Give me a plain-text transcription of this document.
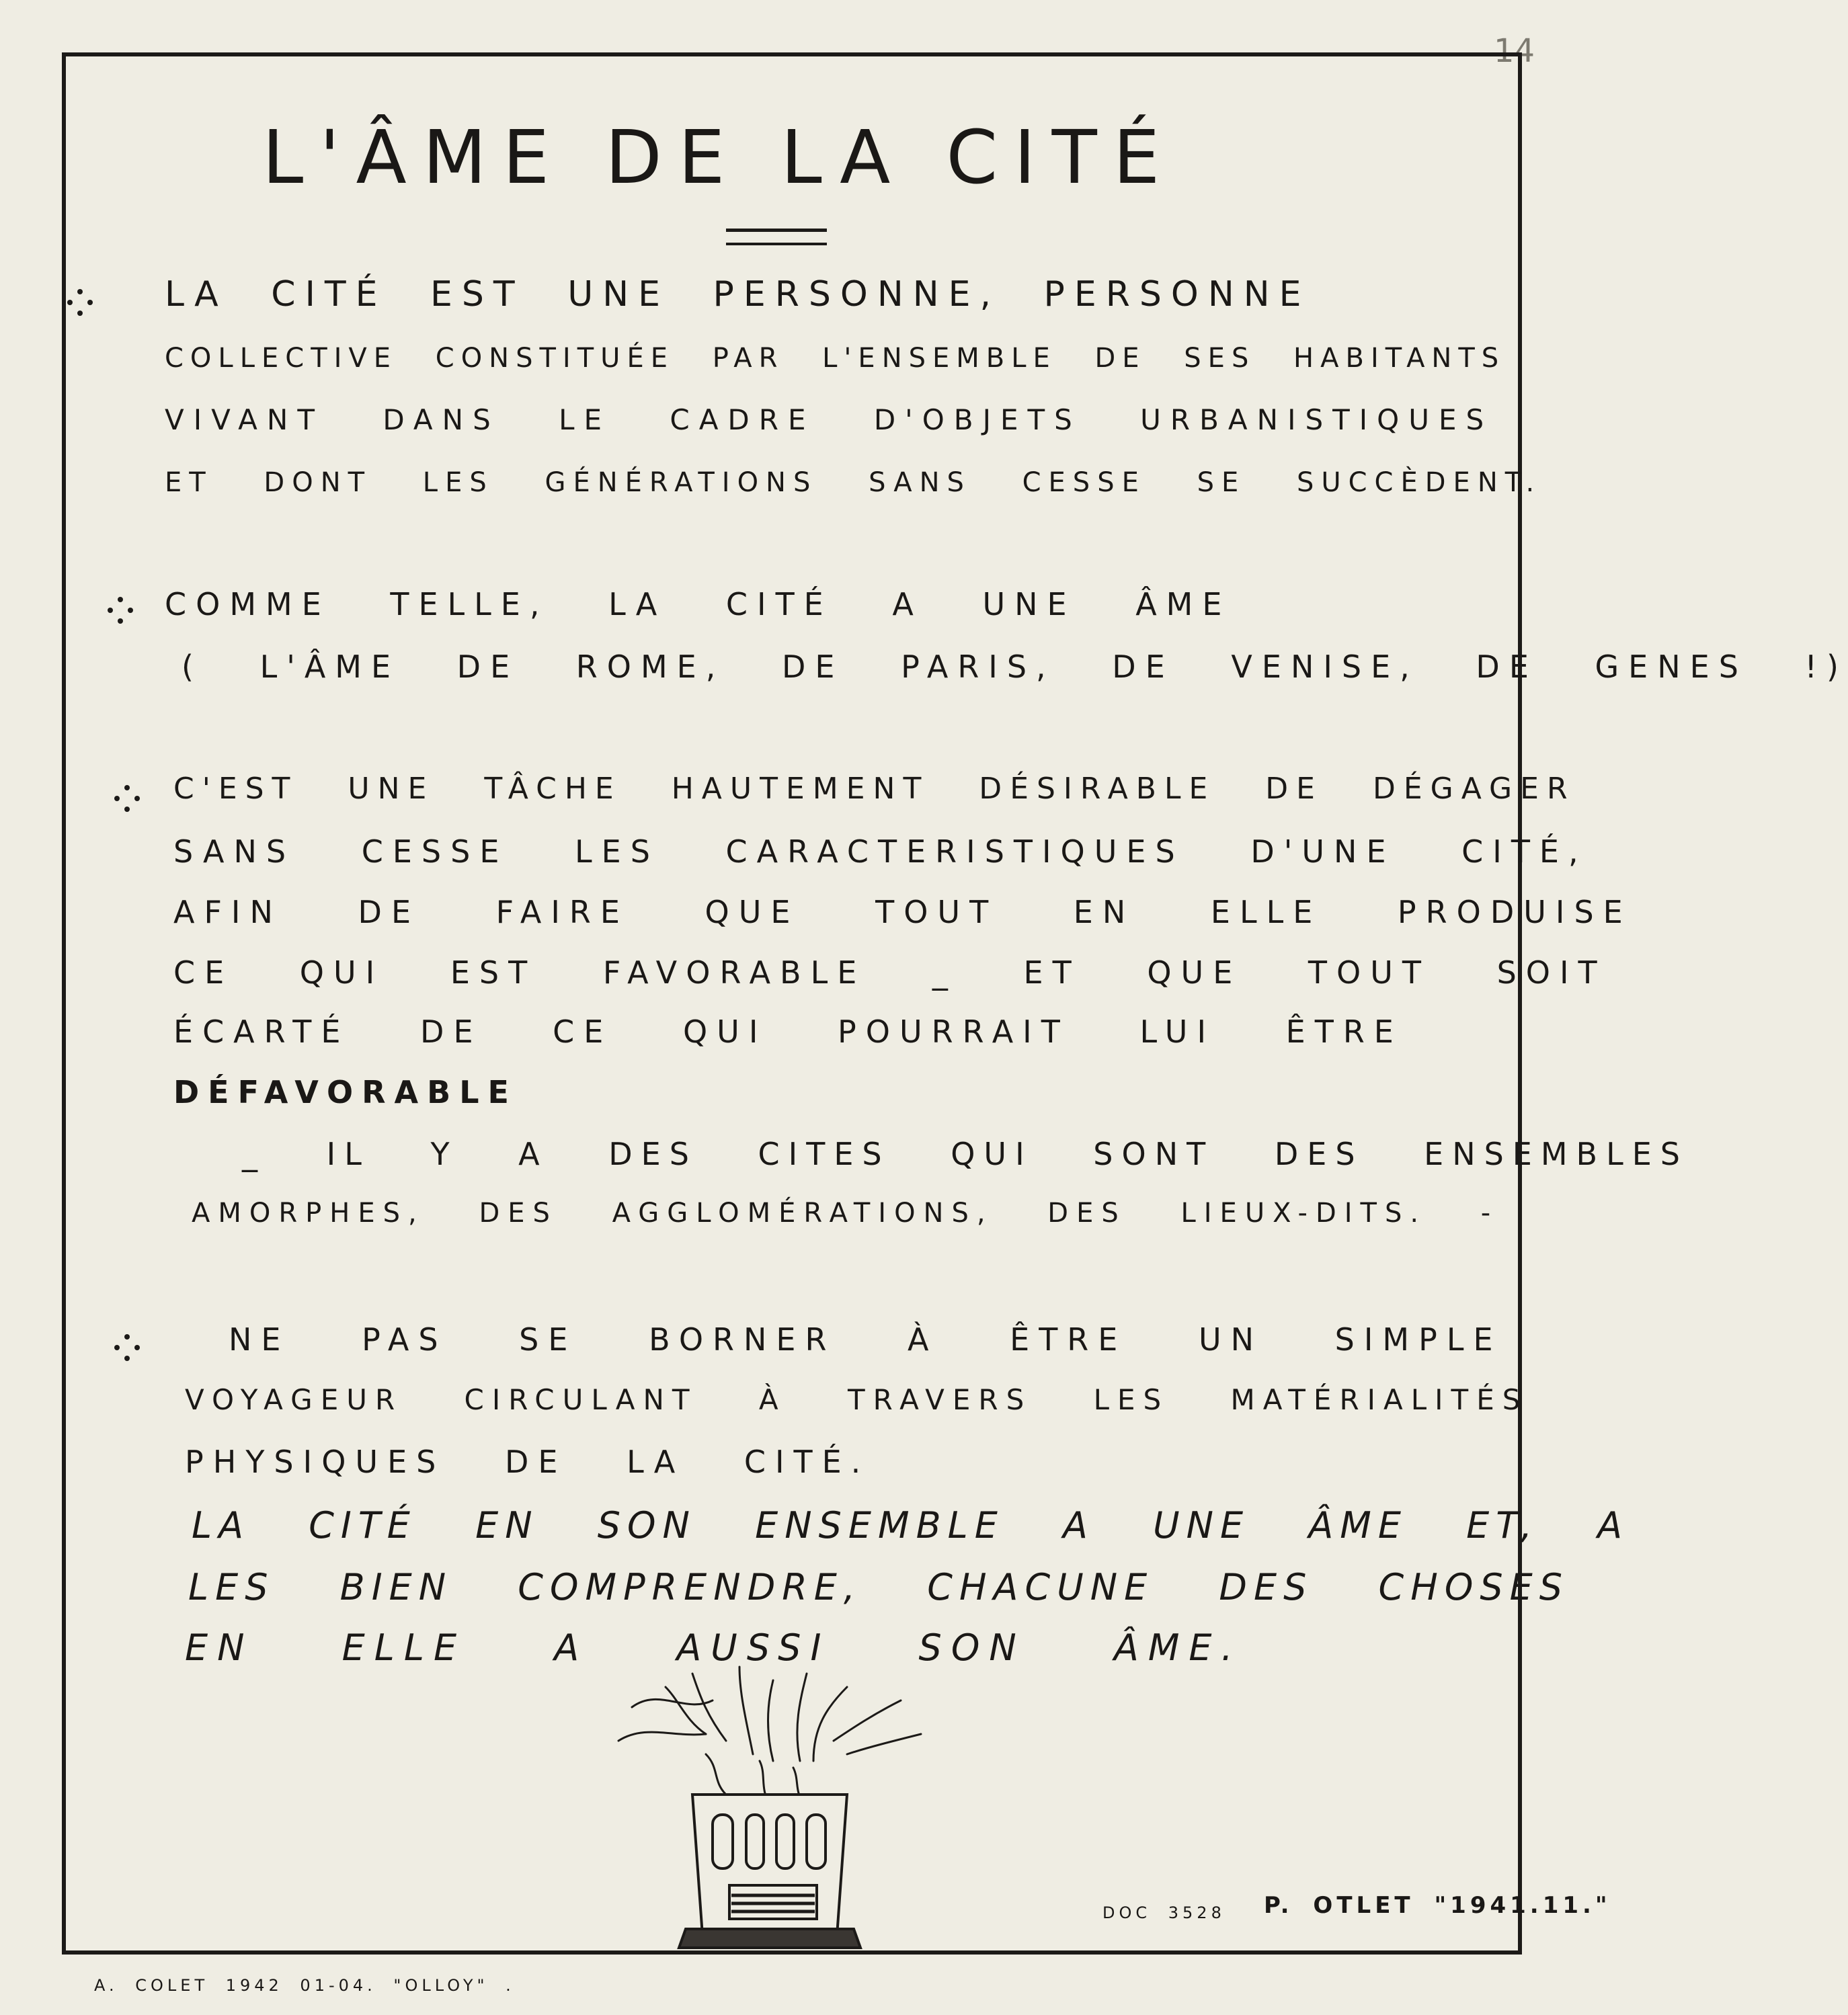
14
L'ÂME DE LA CITÉ
LA CITÉ EST UNE PERSONNE, PERSONNE
COLLECTIVE CONSTITUÉE PAR L'ENSEMBLE DE SES HABITANTS
VIVANT DANS LE CADRE D'OBJETS URBANISTIQUES
ET DONT LES GÉNÉRATIONS SANS CESSE SE SUCCÈDENT.
COMME TELLE, LA CITÉ A UNE ÂME
( L'ÂME DE ROME, DE PARIS, DE VENISE, DE GENES !)
C'EST UNE TÂCHE HAUTEMENT DÉSIRABLE DE DÉGAGER
SANS CESSE LES CARACTERISTIQUES D'UNE CITÉ,
AFIN DE FAIRE QUE TOUT EN ELLE PRODUISE
CE QUI EST FAVORABLE _ ET QUE TOUT SOIT
ÉCARTÉ DE CE QUI POURRAIT LUI ÊTRE
DÉFAVORABLE
_ IL Y A DES CITES QUI SONT DES ENSEMBLES
AMORPHES, DES AGGLOMÉRATIONS, DES LIEUX-DITS. -
NE PAS SE BORNER À ÊTRE UN SIMPLE
VOYAGEUR CIRCULANT À TRAVERS LES MATÉRIALITÉS
PHYSIQUES DE LA CITÉ.
LA CITÉ EN SON ENSEMBLE A UNE ÂME ET, A
LES BIEN COMPRENDRE, CHACUNE DES CHOSES
EN ELLE A AUSSI SON ÂME.
DOC 3528 P. OTLET "1941.11."
A. COLET 1942 01-04. "OLLOY" .
